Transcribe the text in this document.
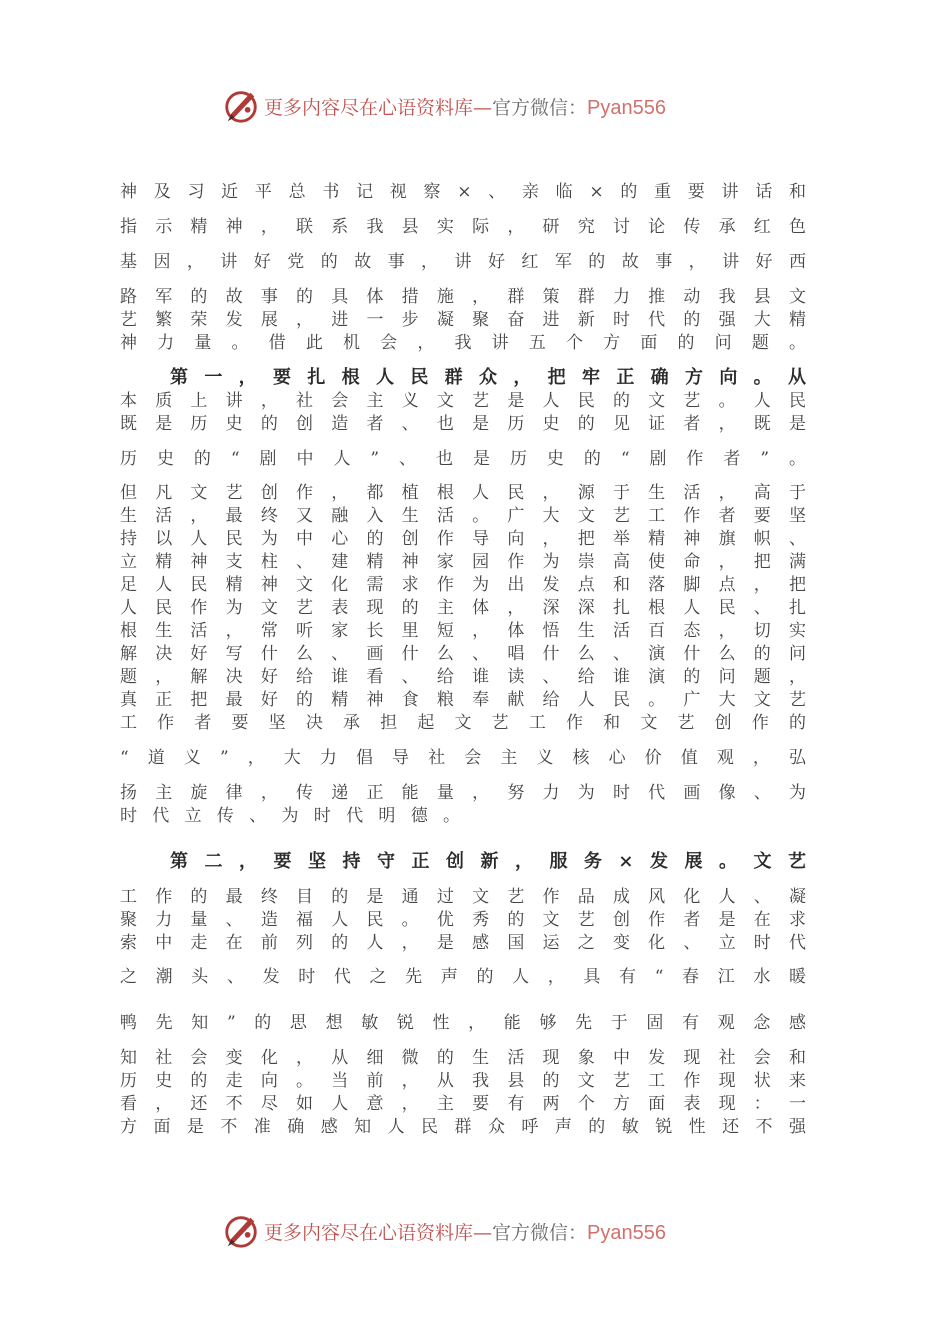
更多内容尽在心语资料库—官方微信：Pyan556
神及习近平总书记视察×、亲临×的重要讲话和
指示精神，联系我县实际，研究讨论传承红色
基因，讲好党的故事，讲好红军的故事，讲好西
路军的故事的具体措施，群策群力推动我县文
艺繁荣发展，进一步凝聚奋进新时代的强大精
神力量。借此机会，我讲五个方面的问题。
第一，要扎根人民群众，把牢正确方向。从
本质上讲，社会主义文艺是人民的文艺。人民
既是历史的创造者、也是历史的见证者，既是
历史的“剧中人”、也是历史的“剧作者”。
但凡文艺创作，都植根人民，源于生活，高于
生活，最终又融入生活。广大文艺工作者要坚
持以人民为中心的创作导向，把举精神旗帜、
立精神支柱、建精神家园作为崇高使命，把满
足人民精神文化需求作为出发点和落脚点，把
人民作为文艺表现的主体，深深扎根人民、扎
根生活，常听家长里短，体悟生活百态，切实
解决好写什么、画什么、唱什么、演什么的问
题，解决好给谁看、给谁读、给谁演的问题，
真正把最好的精神食粮奉献给人民。广大文艺
工作者要坚决承担起文艺工作和文艺创作的
“道义”，大力倡导社会主义核心价值观，弘
扬主旋律，传递正能量，努力为时代画像、为
时代立传、为时代明德。
第二，要坚持守正创新，服务×发展。文艺
工作的最终目的是通过文艺作品成风化人、凝
聚力量、造福人民。优秀的文艺创作者是在求
索中走在前列的人，是感国运之变化、立时代
之潮头、发时代之先声的人，具有“春江水暖
鸭先知”的思想敏锐性，能够先于固有观念感
知社会变化，从细微的生活现象中发现社会和
历史的走向。当前，从我县的文艺工作现状来
看，还不尽如人意，主要有两个方面表现：一
方面是不准确感知人民群众呼声的敏锐性还不强
更多内容尽在心语资料库—官方微信：Pyan556
